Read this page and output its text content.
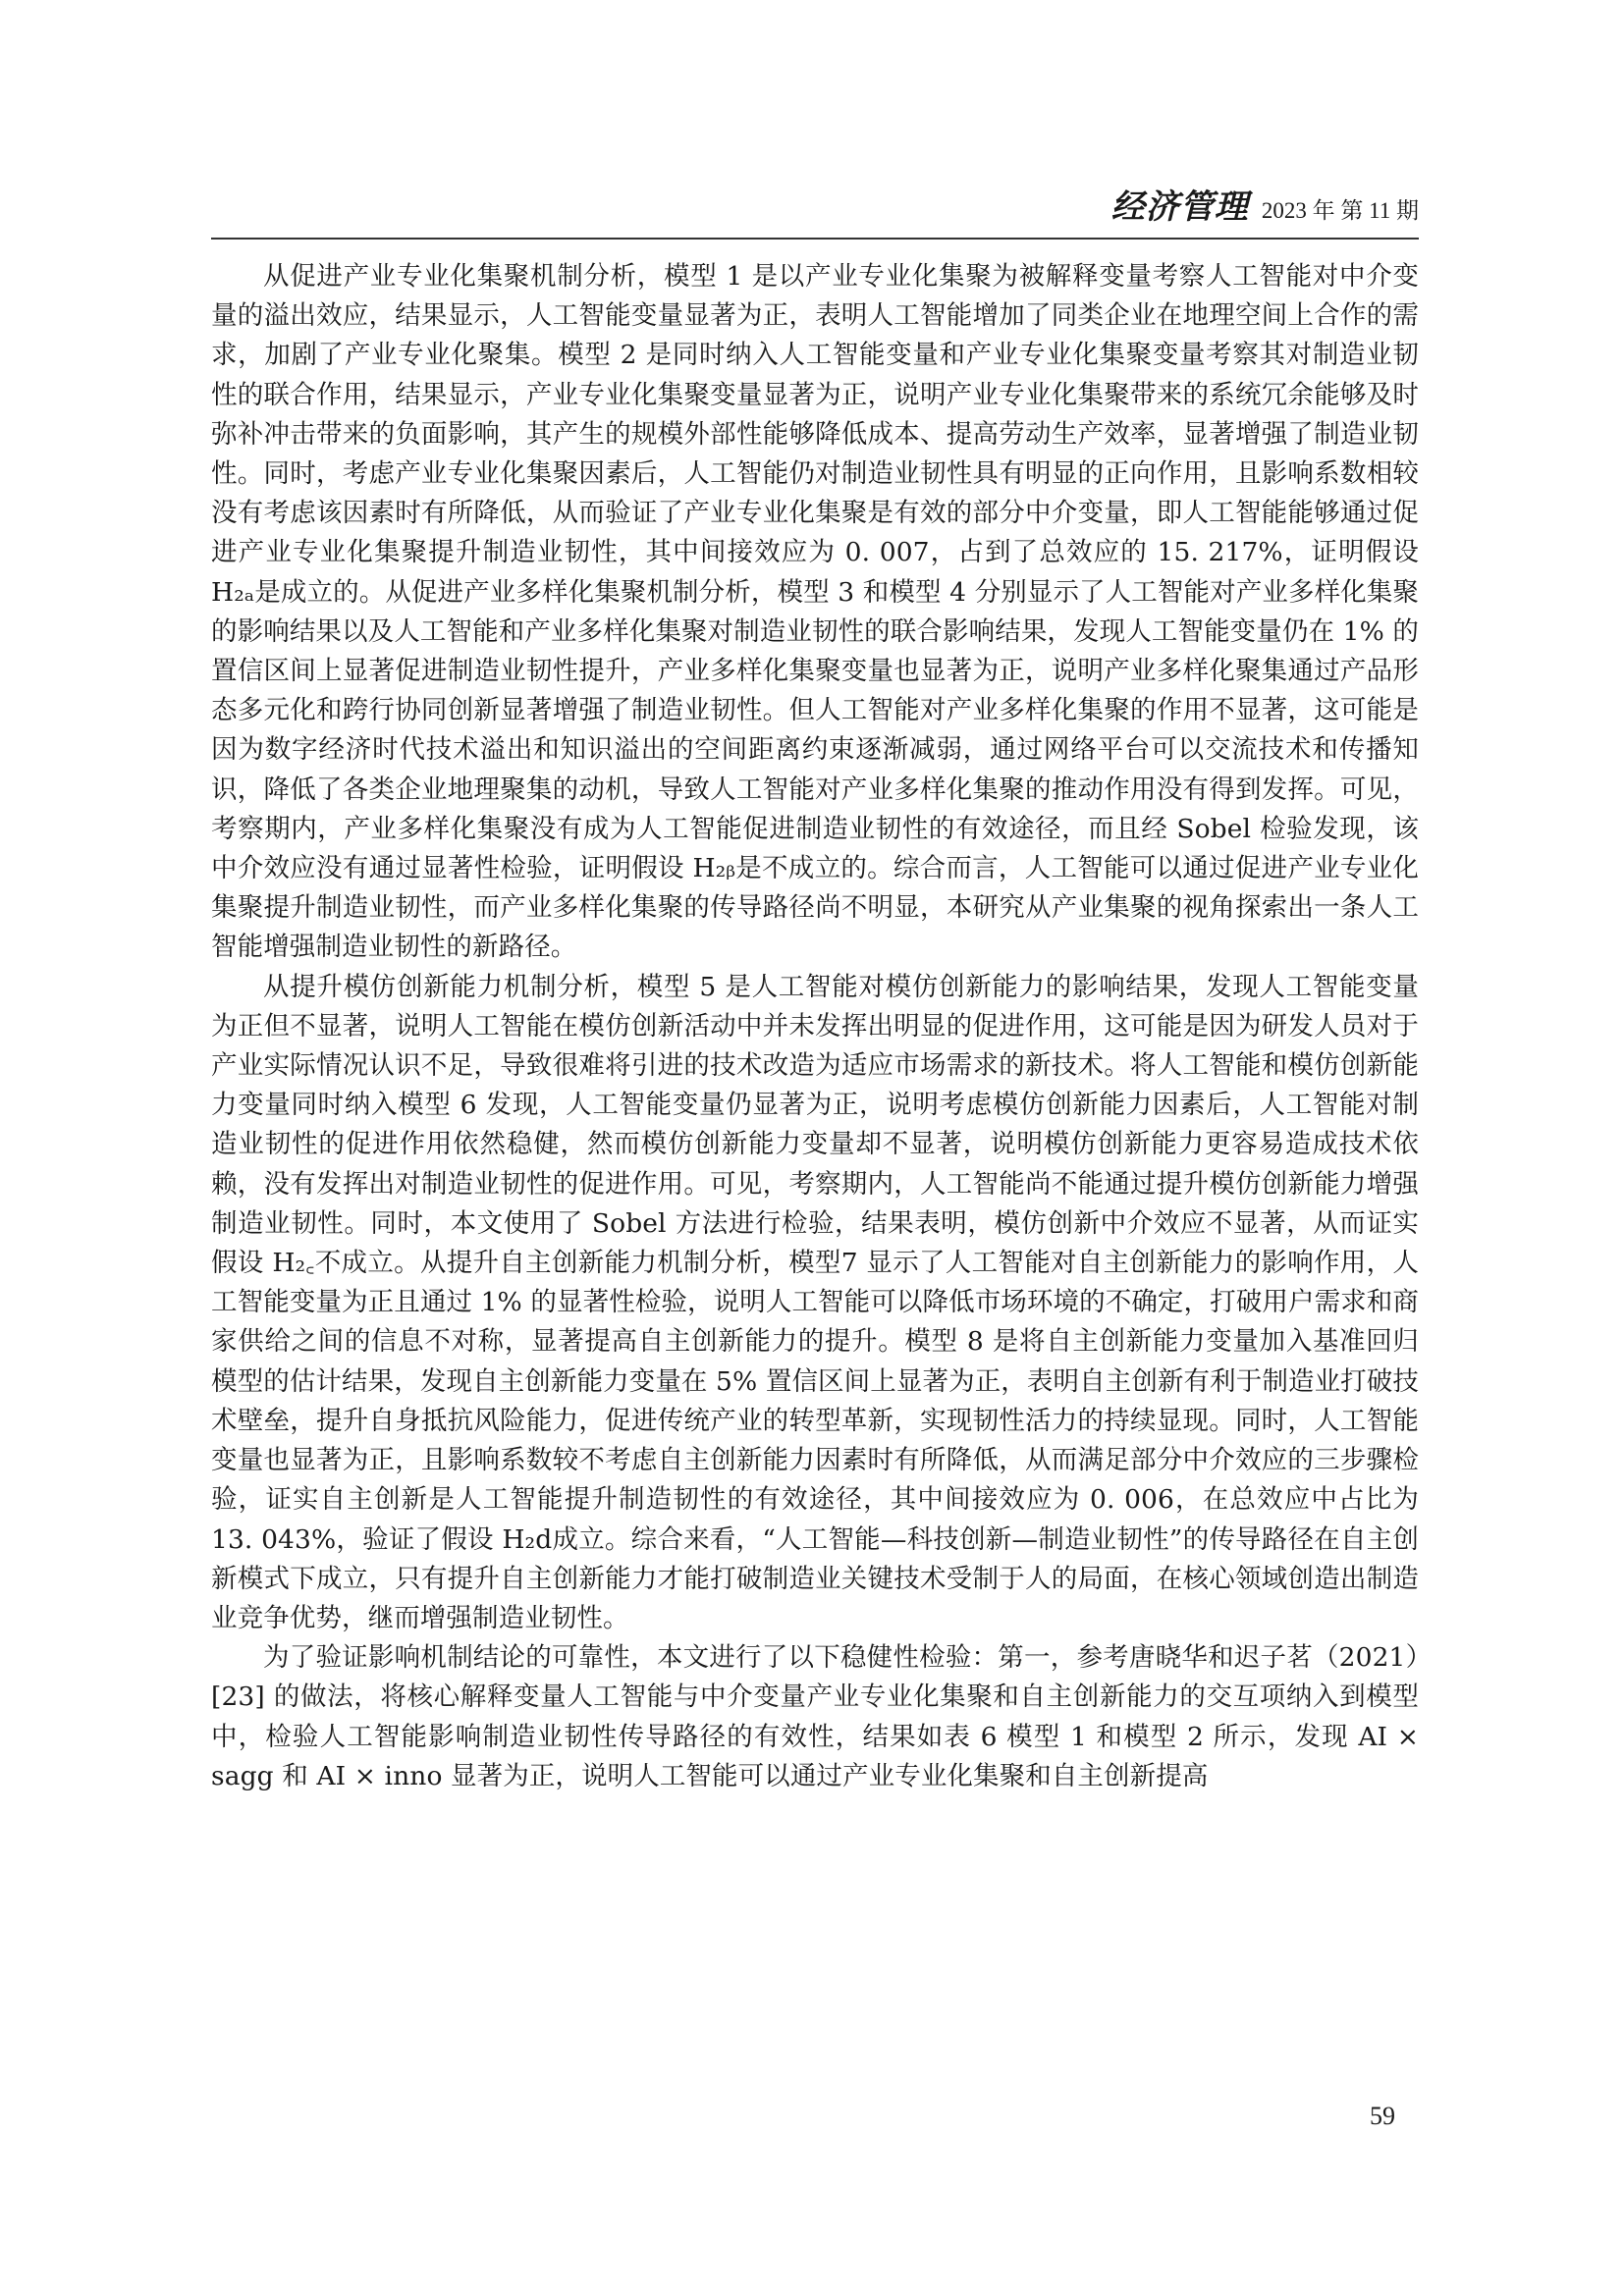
经济管理 2023 年 第 11 期

从促进产业专业化集聚机制分析，模型 1 是以产业专业化集聚为被解释变量考察人工智能对中介变量的溢出效应，结果显示，人工智能变量显著为正，表明人工智能增加了同类企业在地理空间上合作的需求，加剧了产业专业化聚集。模型 2 是同时纳入人工智能变量和产业专业化集聚变量考察其对制造业韧性的联合作用，结果显示，产业专业化集聚变量显著为正，说明产业专业化集聚带来的系统冗余能够及时弥补冲击带来的负面影响，其产生的规模外部性能够降低成本、提高劳动生产效率，显著增强了制造业韧性。同时，考虑产业专业化集聚因素后，人工智能仍对制造业韧性具有明显的正向作用，且影响系数相较没有考虑该因素时有所降低，从而验证了产业专业化集聚是有效的部分中介变量，即人工智能能够通过促进产业专业化集聚提升制造业韧性，其中间接效应为 0. 007，占到了总效应的 15. 217%，证明假设 H₂ₐ是成立的。从促进产业多样化集聚机制分析，模型 3 和模型 4 分别显示了人工智能对产业多样化集聚的影响结果以及人工智能和产业多样化集聚对制造业韧性的联合影响结果，发现人工智能变量仍在 1% 的置信区间上显著促进制造业韧性提升，产业多样化集聚变量也显著为正，说明产业多样化聚集通过产品形态多元化和跨行协同创新显著增强了制造业韧性。但人工智能对产业多样化集聚的作用不显著，这可能是因为数字经济时代技术溢出和知识溢出的空间距离约束逐渐减弱，通过网络平台可以交流技术和传播知识，降低了各类企业地理聚集的动机，导致人工智能对产业多样化集聚的推动作用没有得到发挥。可见，考察期内，产业多样化集聚没有成为人工智能促进制造业韧性的有效途径，而且经 Sobel 检验发现，该中介效应没有通过显著性检验，证明假设 H₂ᵦ是不成立的。综合而言，人工智能可以通过促进产业专业化集聚提升制造业韧性，而产业多样化集聚的传导路径尚不明显，本研究从产业集聚的视角探索出一条人工智能增强制造业韧性的新路径。

从提升模仿创新能力机制分析，模型 5 是人工智能对模仿创新能力的影响结果，发现人工智能变量为正但不显著，说明人工智能在模仿创新活动中并未发挥出明显的促进作用，这可能是因为研发人员对于产业实际情况认识不足，导致很难将引进的技术改造为适应市场需求的新技术。将人工智能和模仿创新能力变量同时纳入模型 6 发现，人工智能变量仍显著为正，说明考虑模仿创新能力因素后，人工智能对制造业韧性的促进作用依然稳健，然而模仿创新能力变量却不显著，说明模仿创新能力更容易造成技术依赖，没有发挥出对制造业韧性的促进作用。可见，考察期内，人工智能尚不能通过提升模仿创新能力增强制造业韧性。同时，本文使用了 Sobel 方法进行检验，结果表明，模仿创新中介效应不显著，从而证实假设 H₂꜀不成立。从提升自主创新能力机制分析，模型7 显示了人工智能对自主创新能力的影响作用，人工智能变量为正且通过 1% 的显著性检验，说明人工智能可以降低市场环境的不确定，打破用户需求和商家供给之间的信息不对称，显著提高自主创新能力的提升。模型 8 是将自主创新能力变量加入基准回归模型的估计结果，发现自主创新能力变量在 5% 置信区间上显著为正，表明自主创新有利于制造业打破技术壁垒，提升自身抵抗风险能力，促进传统产业的转型革新，实现韧性活力的持续显现。同时，人工智能变量也显著为正，且影响系数较不考虑自主创新能力因素时有所降低，从而满足部分中介效应的三步骤检验，证实自主创新是人工智能提升制造韧性的有效途径，其中间接效应为 0. 006，在总效应中占比为 13. 043%，验证了假设 H₂d成立。综合来看，“人工智能—科技创新—制造业韧性”的传导路径在自主创新模式下成立，只有提升自主创新能力才能打破制造业关键技术受制于人的局面，在核心领域创造出制造业竞争优势，继而增强制造业韧性。

为了验证影响机制结论的可靠性，本文进行了以下稳健性检验：第一，参考唐晓华和迟子茗（2021）[23] 的做法，将核心解释变量人工智能与中介变量产业专业化集聚和自主创新能力的交互项纳入到模型中，检验人工智能影响制造业韧性传导路径的有效性，结果如表 6 模型 1 和模型 2 所示，发现 AI × sagg 和 AI × inno 显著为正，说明人工智能可以通过产业专业化集聚和自主创新提高

59
